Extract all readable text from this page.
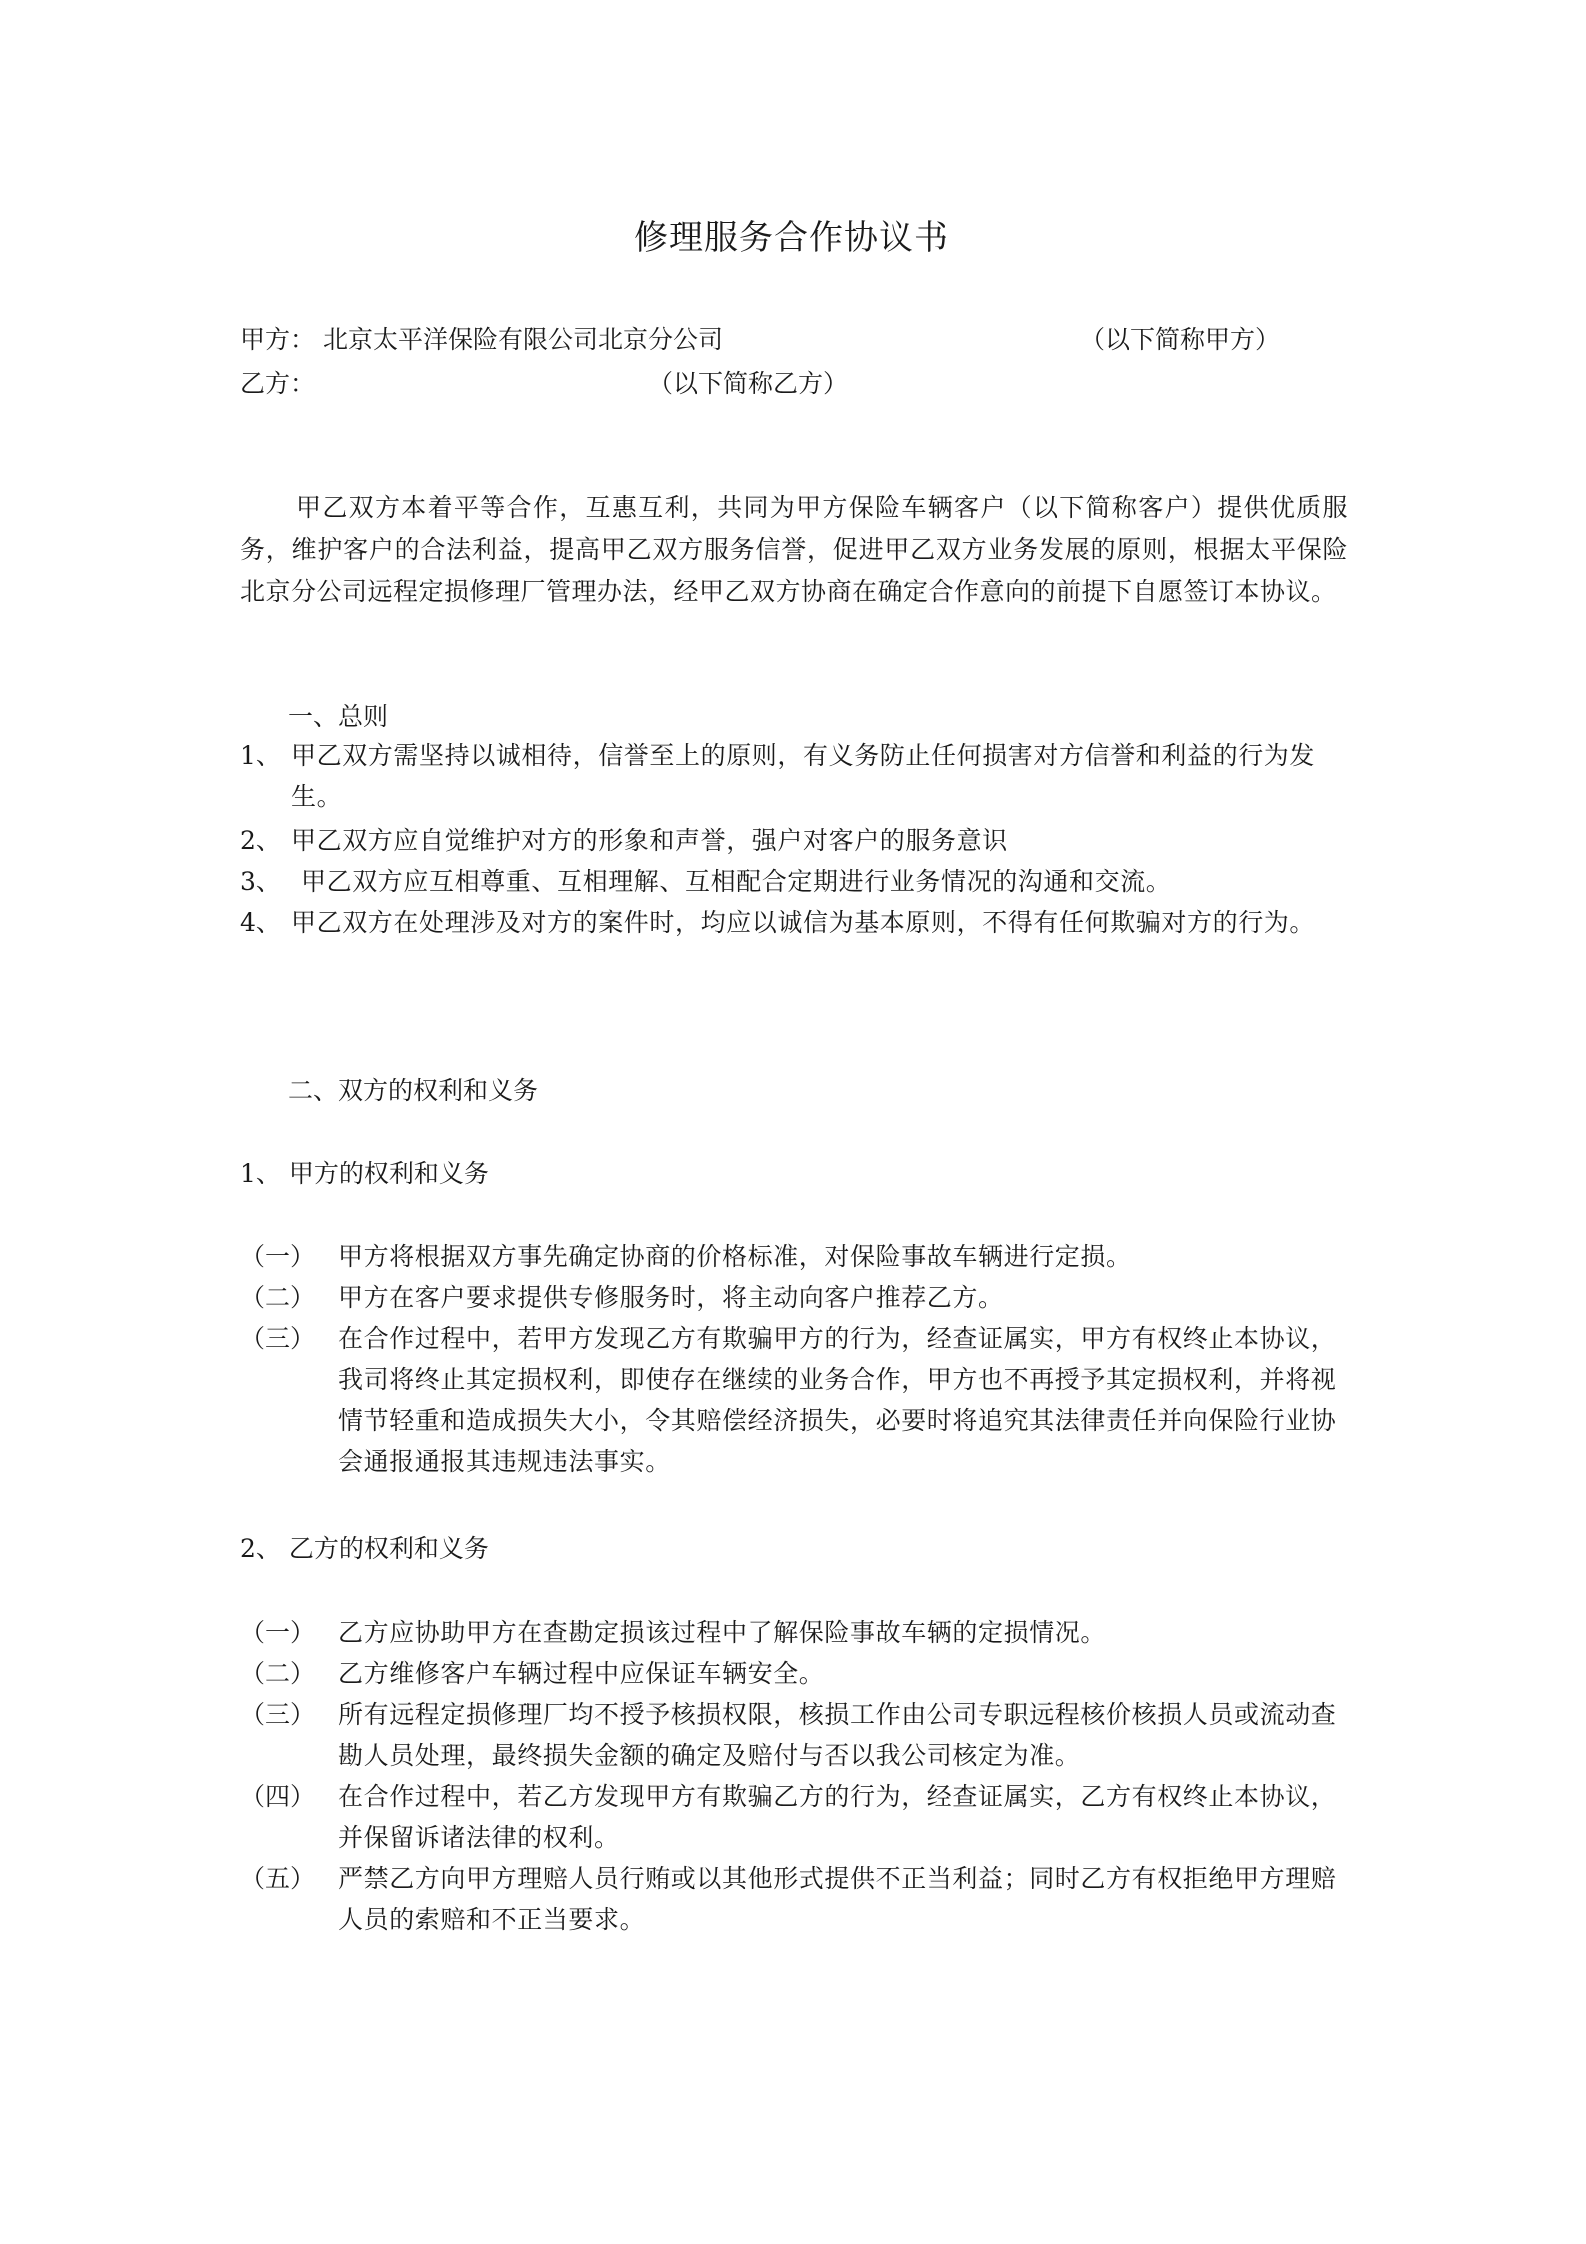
修理服务合作协议书
甲方： 北京太平洋保险有限公司北京分公司	（以下简称甲方）
乙方：	（以下简称乙方）
甲乙双方本着平等合作，互惠互利，共同为甲方保险车辆客户（以下简称客户）提供优质服务，维护客户的合法利益，提高甲乙双方服务信誉，促进甲乙双方业务发展的原则，根据太平保险北京分公司远程定损修理厂管理办法，经甲乙双方协商在确定合作意向的前提下自愿签订本协议。
一、总则
1、 甲乙双方需坚持以诚相待，信誉至上的原则，有义务防止任何损害对方信誉和利益的行为发生。
2、 甲乙双方应自觉维护对方的形象和声誉，强户对客户的服务意识
3、 甲乙双方应互相尊重、互相理解、互相配合定期进行业务情况的沟通和交流。
4、 甲乙双方在处理涉及对方的案件时，均应以诚信为基本原则，不得有任何欺骗对方的行为。
二、双方的权利和义务
1、 甲方的权利和义务
（一） 甲方将根据双方事先确定协商的价格标准，对保险事故车辆进行定损。
（二） 甲方在客户要求提供专修服务时，将主动向客户推荐乙方。
（三） 在合作过程中，若甲方发现乙方有欺骗甲方的行为，经查证属实，甲方有权终止本协议，我司将终止其定损权利，即使存在继续的业务合作，甲方也不再授予其定损权利，并将视情节轻重和造成损失大小，令其赔偿经济损失，必要时将追究其法律责任并向保险行业协会通报通报其违规违法事实。
2、 乙方的权利和义务
（一） 乙方应协助甲方在查勘定损该过程中了解保险事故车辆的定损情况。
（二） 乙方维修客户车辆过程中应保证车辆安全。
（三） 所有远程定损修理厂均不授予核损权限，核损工作由公司专职远程核价核损人员或流动查勘人员处理，最终损失金额的确定及赔付与否以我公司核定为准。
（四） 在合作过程中，若乙方发现甲方有欺骗乙方的行为，经查证属实，乙方有权终止本协议，并保留诉诸法律的权利。
（五） 严禁乙方向甲方理赔人员行贿或以其他形式提供不正当利益；同时乙方有权拒绝甲方理赔人员的索赔和不正当要求。
